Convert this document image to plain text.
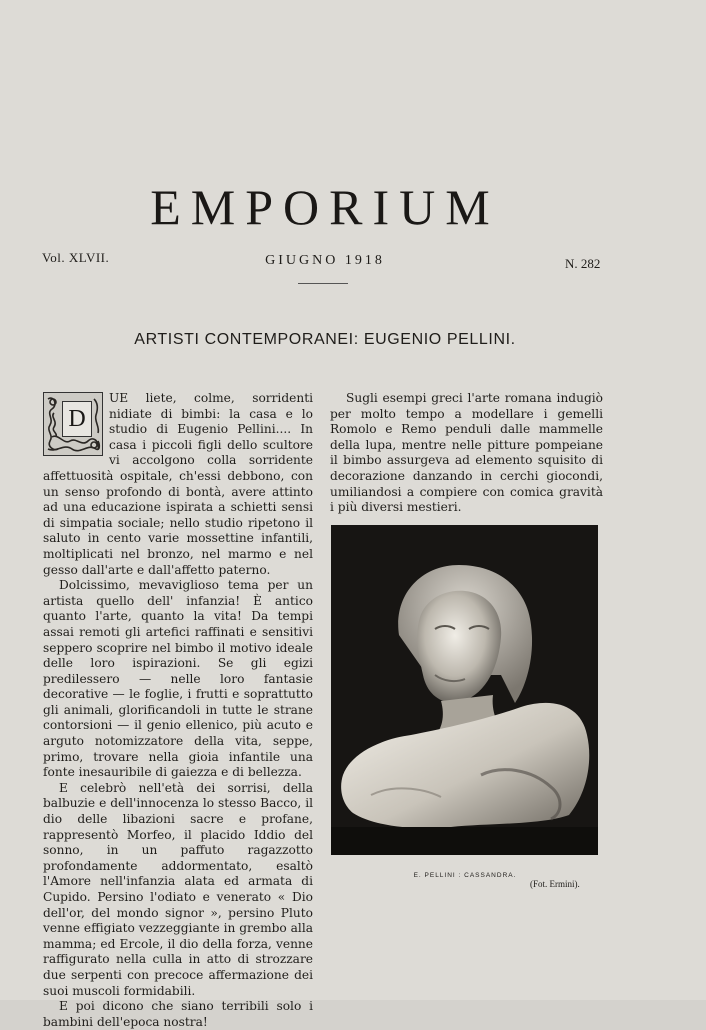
EMPORIUM
Vol. XLVII.	GIUGNO 1918	N. 282
ARTISTI CONTEMPORANEI: EUGENIO PELLINI.
D

UE liete, colme, sorridenti nidiate di bimbi: la casa e lo studio di Eugenio Pellini.... In casa i piccoli figli dello scultore vi accolgono colla sorridente affettuosità ospitale, ch'essi debbono, con un senso profondo di bontà, avere attinto ad una educazione ispirata a schietti sensi di simpatia sociale; nello studio ripetono il saluto in cento varie mossettine infantili, moltiplicati nel bronzo, nel marmo e nel gesso dall'arte e dall'affetto paterno.

Dolcissimo, mevavigliosо tema per un artista quello dell' infanzia! È antico quanto l'arte, quanto la vita! Da tempi assai remoti gli artefici raffinati e sensitivi seppero scoprire nel bimbo il motivo ideale delle loro ispirazioni. Se gli egizi predilessero — nelle loro fantasie decorative — le foglie, i frutti e soprattutto gli animali, glorificandoli in tutte le strane contorsioni — il genio ellenico, più acuto e arguto notomizzatore della vita, seppe, primo, trovare nella gioia infantile una fonte inesauribile di gaiezza e di bellezza.

E celebrò nell'età dei sorrisi, della balbuzie e dell'innocenza lo stesso Bacco, il dio delle libazioni sacre e profane, rappresentò Morfeo, il placido Iddio del sonno, in un paffuto ragazzotto profondamente addormentato, esaltò l'Amore nell'infanzia alata ed armata di Cupido. Persino l'odiato e venerato « Dio dell'or, del mondo signor », persino Pluto venne effigiato vezzeggiante in grembo alla mamma; ed Ercole, il dio della forza, venne raffigurato nella culla in atto di strozzare due serpenti con precoce affermazione dei suoi muscoli formidabili.

E poi dicono che siano terribili solo i bambini dell'epoca nostra!

Sugli esempi greci l'arte romana indugiò per molto tempo a modellare i gemelli Romolo e Remo penduli dalle mammelle della lupa, mentre nelle pitture pompeiane il bimbo assurgeva ad elemento squisito di decorazione danzando in cerchi giocondi, umiliandosi a compiere con comica gravità i più diversi mestieri.

E. PELLINI : CASSANDRA.
(Fot. Ermini).
